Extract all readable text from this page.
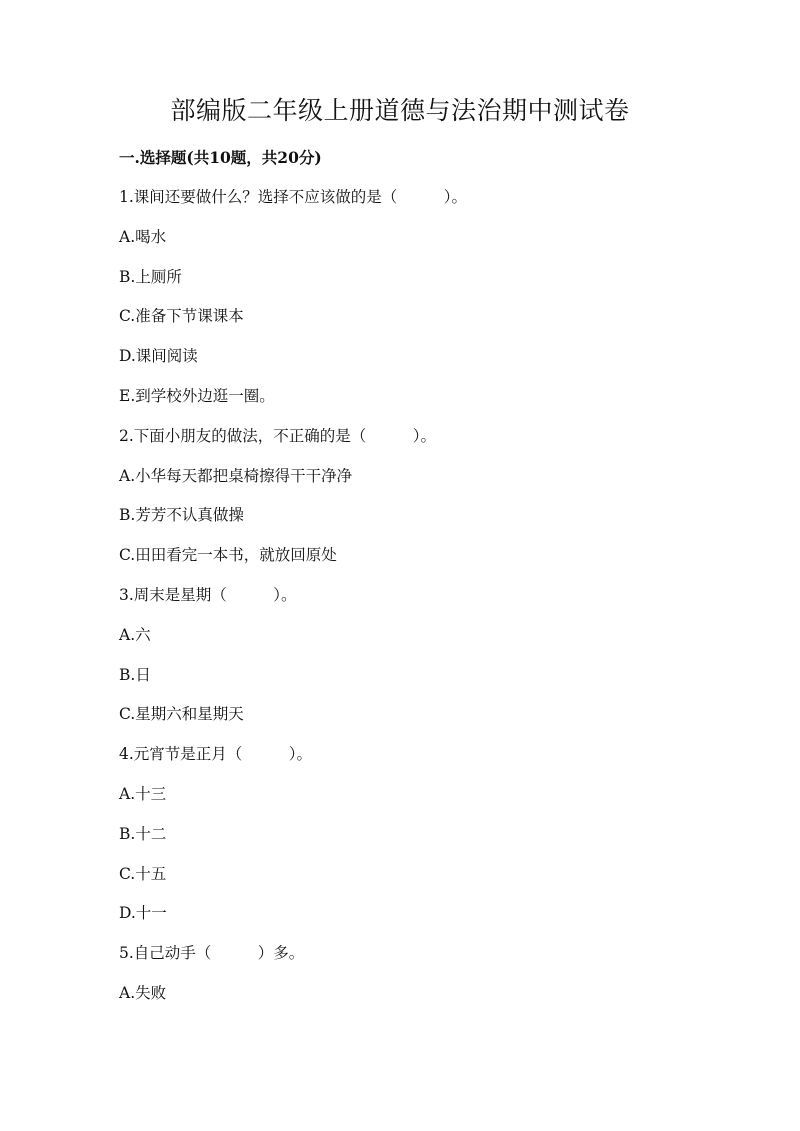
部编版二年级上册道德与法治期中测试卷
一.选择题(共10题，共20分)
1.课间还要做什么？选择不应该做的是（　　　）。
A.喝水
B.上厕所
C.准备下节课课本
D.课间阅读
E.到学校外边逛一圈。
2.下面小朋友的做法，不正确的是（　　　）。
A.小华每天都把桌椅擦得干干净净
B.芳芳不认真做操
C.田田看完一本书，就放回原处
3.周末是星期（　　　）。
A.六
B.日
C.星期六和星期天
4.元宵节是正月（　　　）。
A.十三
B.十二
C.十五
D.十一
5.自己动手（　　　）多。
A.失败
